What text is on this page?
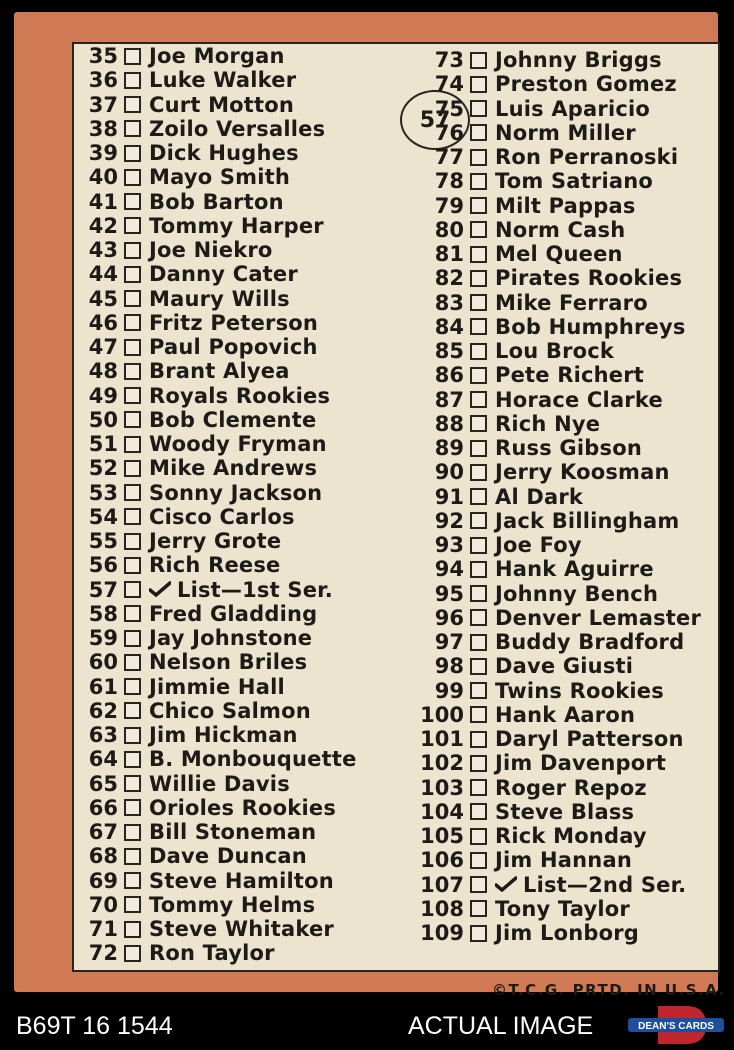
57
35 Joe Morgan
36 Luke Walker
37 Curt Motton
38 Zoilo Versalles
39 Dick Hughes
40 Mayo Smith
41 Bob Barton
42 Tommy Harper
43 Joe Niekro
44 Danny Cater
45 Maury Wills
46 Fritz Peterson
47 Paul Popovich
48 Brant Alyea
49 Royals Rookies
50 Bob Clemente
51 Woody Fryman
52 Mike Andrews
53 Sonny Jackson
54 Cisco Carlos
55 Jerry Grote
56 Rich Reese
57	List—1st Ser.
58 Fred Gladding
59 Jay Johnstone
60 Nelson Briles
61 Jimmie Hall
62 Chico Salmon
63 Jim Hickman
64 B. Monbouquette
65 Willie Davis
66 Orioles Rookies
67 Bill Stoneman
68 Dave Duncan
69 Steve Hamilton
70 Tommy Helms
71 Steve Whitaker
72 Ron Taylor
73 Johnny Briggs
74 Preston Gomez
75 Luis Aparicio
76 Norm Miller
77 Ron Perranoski
78 Tom Satriano
79 Milt Pappas
80 Norm Cash
81 Mel Queen
82 Pirates Rookies
83 Mike Ferraro
84 Bob Humphreys
85 Lou Brock
86 Pete Richert
87 Horace Clarke
88 Rich Nye
89 Russ Gibson
90 Jerry Koosman
91 Al Dark
92 Jack Billingham
93 Joe Foy
94 Hank Aguirre
95 Johnny Bench
96 Denver Lemaster
97 Buddy Bradford
98 Dave Giusti
99 Twins Rookies
100 Hank Aaron
101 Daryl Patterson
102 Jim Davenport
103 Roger Repoz
104 Steve Blass
105 Rick Monday
106 Jim Hannan
107	List—2nd Ser.
108 Tony Taylor
109 Jim Lonborg
©T.C.G. PRTD. IN U.S.A.
B69T 16 1544	ACTUAL IMAGE	DEAN'S CARDS
